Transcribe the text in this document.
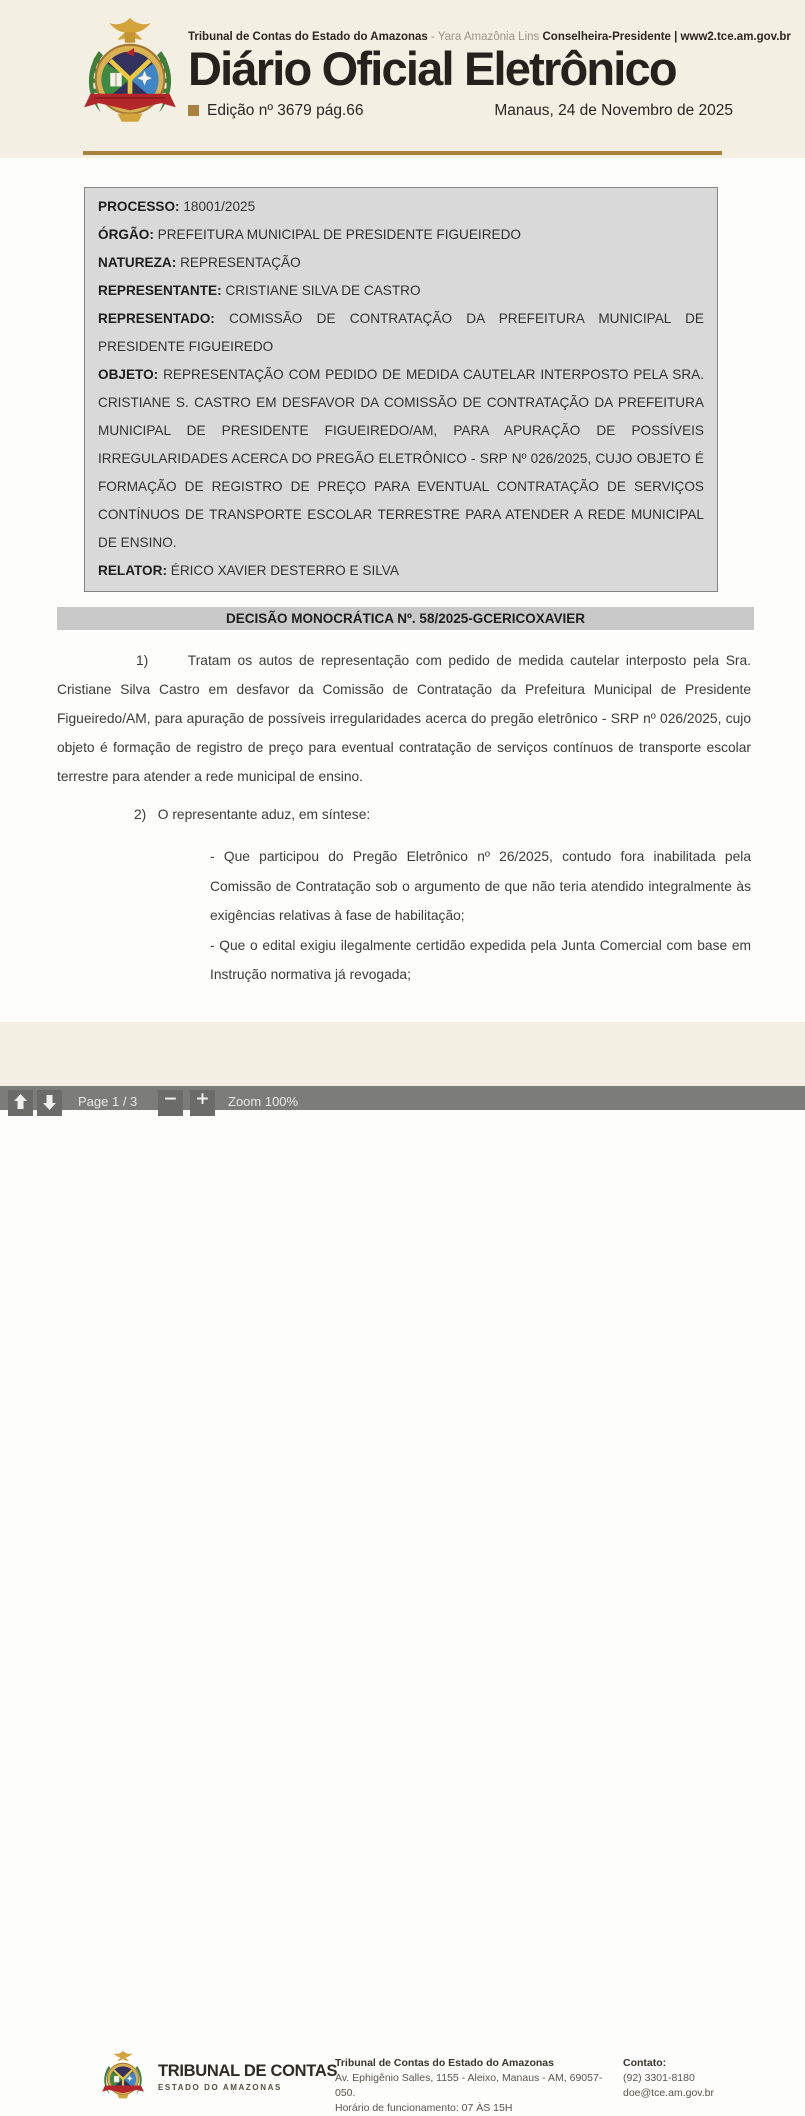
Tribunal de Contas do Estado do Amazonas - Yara Amazônia Lins Conselheira-Presidente | www2.tce.am.gov.br
Diário Oficial Eletrônico
Edição nº 3679 pág.66	Manaus, 24 de Novembro de 2025

PROCESSO: 18001/2025

ÓRGÃO: PREFEITURA MUNICIPAL DE PRESIDENTE FIGUEIREDO

NATUREZA: REPRESENTAÇÃO

REPRESENTANTE: CRISTIANE SILVA DE CASTRO

REPRESENTADO: COMISSÃO DE CONTRATAÇÃO DA PREFEITURA MUNICIPAL DE PRESIDENTE FIGUEIREDO

OBJETO: REPRESENTAÇÃO COM PEDIDO DE MEDIDA CAUTELAR INTERPOSTO PELA SRA. CRISTIANE S. CASTRO EM DESFAVOR DA COMISSÃO DE CONTRATAÇÃO DA PREFEITURA MUNICIPAL DE PRESIDENTE FIGUEIREDO/AM, PARA APURAÇÃO DE POSSÍVEIS IRREGULARIDADES ACERCA DO PREGÃO ELETRÔNICO - SRP Nº 026/2025, CUJO OBJETO É FORMAÇÃO DE REGISTRO DE PREÇO PARA EVENTUAL CONTRATAÇÃO DE SERVIÇOS CONTÍNUOS DE TRANSPORTE ESCOLAR TERRESTRE PARA ATENDER A REDE MUNICIPAL DE ENSINO.

RELATOR: ÉRICO XAVIER DESTERRO E SILVA

DECISÃO MONOCRÁTICA Nº. 58/2025-GCERICOXAVIER

1)      Tratam os autos de representação com pedido de medida cautelar interposto pela Sra. Cristiane Silva Castro em desfavor da Comissão de Contratação da Prefeitura Municipal de Presidente Figueiredo/AM, para apuração de possíveis irregularidades acerca do pregão eletrônico - SRP nº 026/2025, cujo objeto é formação de registro de preço para eventual contratação de serviços contínuos de transporte escolar terrestre para atender a rede municipal de ensino.

2)   O representante aduz, em síntese:

- Que participou do Pregão Eletrônico nº 26/2025, contudo fora inabilitada pela Comissão de Contratação sob o argumento de que não teria atendido integralmente às exigências relativas à fase de habilitação;

- Que o edital exigiu ilegalmente certidão expedida pela Junta Comercial com base em Instrução normativa já revogada;

TRIBUNAL DE CONTAS
ESTADO DO AMAZONAS
Tribunal de Contas do Estado do Amazonas
Av. Ephigênio Salles, 1155 - Aleixo, Manaus - AM, 69057-050.
Horário de funcionamento: 07 ÀS 15H
Contato:
(92) 3301-8180
doe@tce.am.gov.br
Page 1 / 3 − + Zoom 100%
